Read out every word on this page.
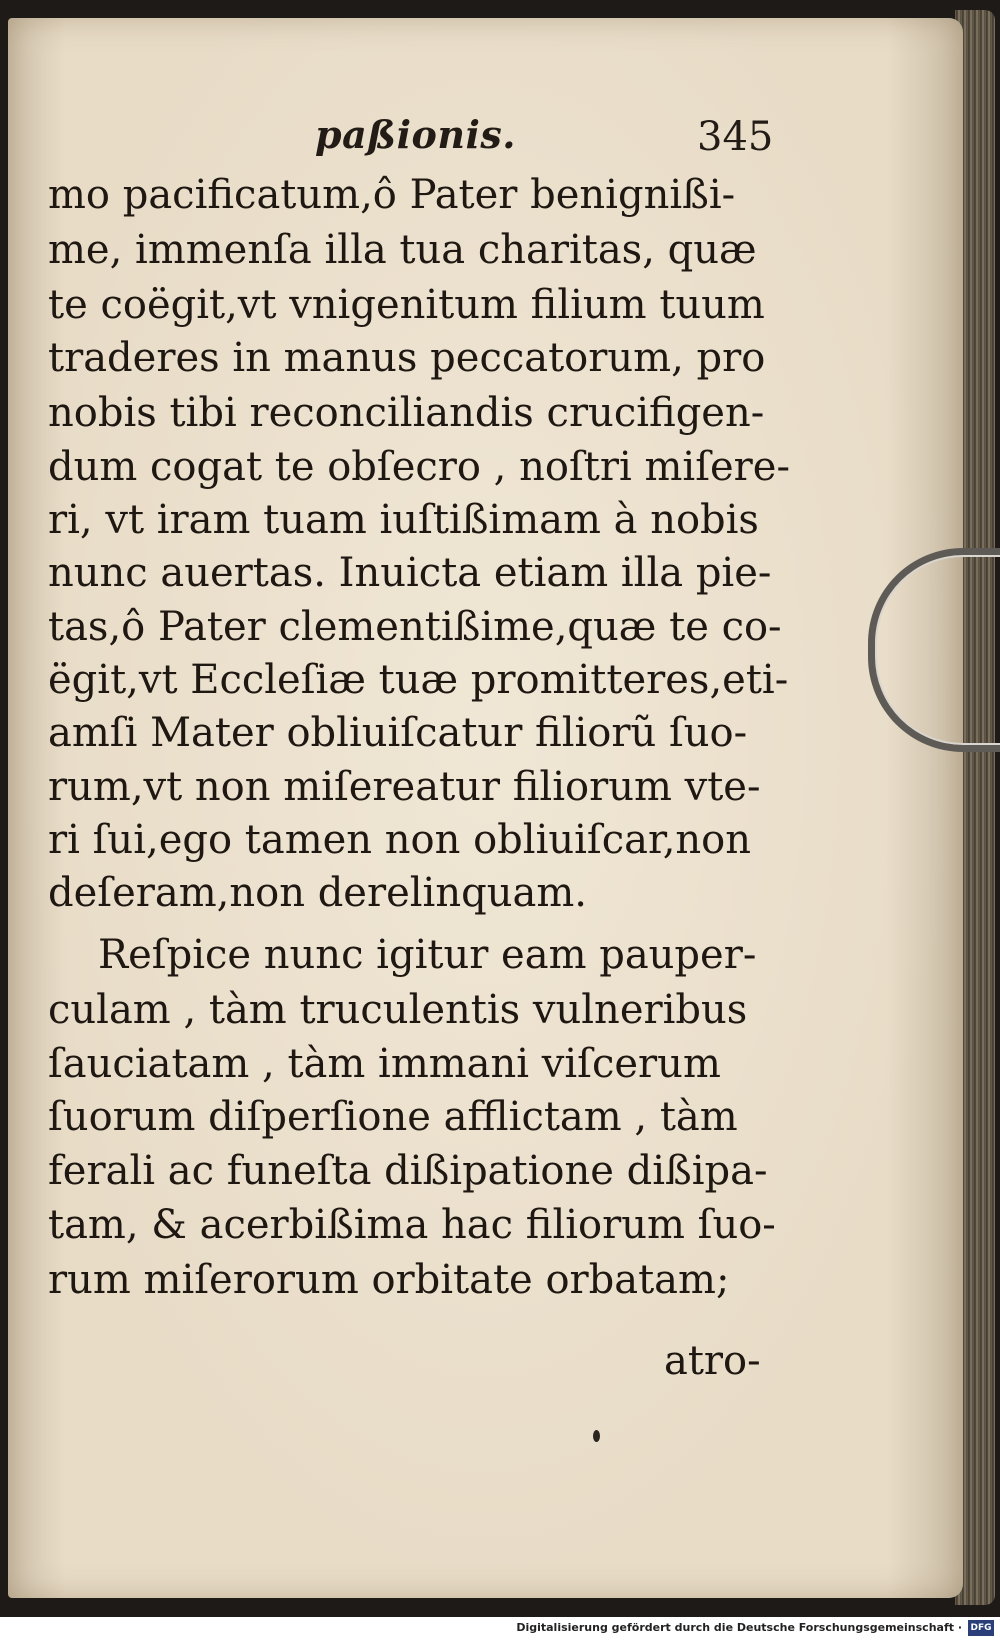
paßionis.	345
mo pacificatum,ô Pater benignißi-
me, immenſa illa tua charitas, quæ
te coëgit,vt vnigenitum filium tuum
traderes in manus peccatorum, pro
nobis tibi reconciliandis crucifigen-
dum cogat te obſecro , noſtri miſere-
ri, vt iram tuam iuſtißimam à nobis
nunc auertas. Inuicta etiam illa pie-
tas,ô Pater clementißime,quæ te co-
ëgit,vt Eccleſiæ tuæ promitteres,eti-
amſi Mater obliuiſcatur filiorũ ſuo-
rum,vt non miſereatur filiorum vte-
ri ſui,ego tamen non obliuiſcar,non
deſeram,non derelinquam.
Reſpice nunc igitur eam pauper-
culam , tàm truculentis vulneribus
ſauciatam , tàm immani viſcerum
ſuorum diſperſione afflictam , tàm
ferali ac funeſta dißipatione dißipa-
tam, & acerbißima hac filiorum ſuo-
rum miſerorum orbitate orbatam;
atro-
Digitalisierung gefördert durch die Deutsche Forschungsgemeinschaft · DFG
